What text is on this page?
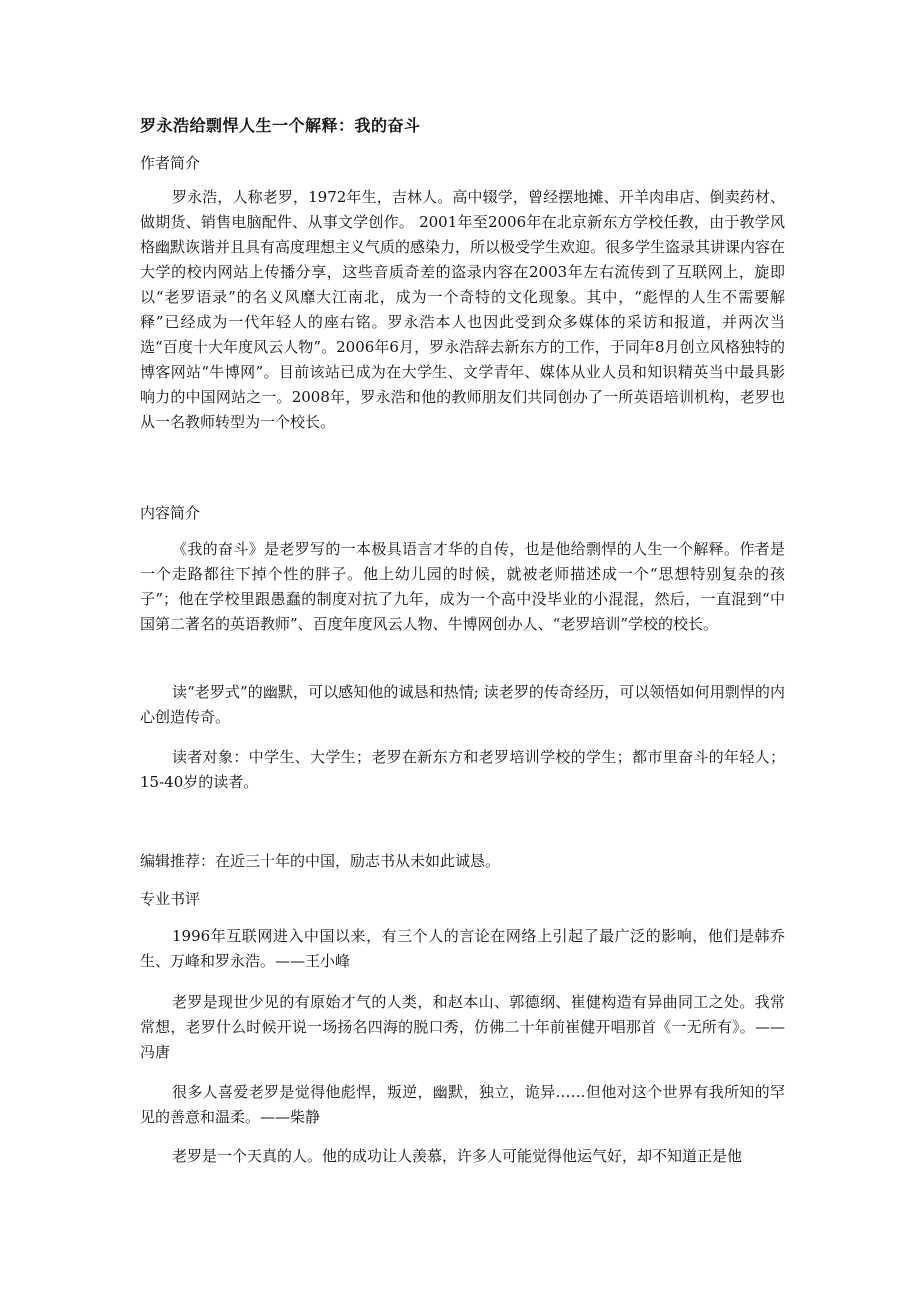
罗永浩给剽悍人生一个解释：我的奋斗
作者简介

罗永浩，人称老罗，1972年生，吉林人。高中辍学，曾经摆地摊、开羊肉串店、倒卖药材、做期货、销售电脑配件、从事文学创作。 2001年至2006年在北京新东方学校任教，由于教学风格幽默诙谐并且具有高度理想主义气质的感染力，所以极受学生欢迎。很多学生盗录其讲课内容在大学的校内网站上传播分享，这些音质奇差的盗录内容在2003年左右流传到了互联网上，旋即以“老罗语录”的名义风靡大江南北，成为一个奇特的文化现象。其中，“彪悍的人生不需要解释”已经成为一代年轻人的座右铭。罗永浩本人也因此受到众多媒体的采访和报道，并两次当选“百度十大年度风云人物”。2006年6月，罗永浩辞去新东方的工作，于同年8月创立风格独特的博客网站“牛博网”。目前该站已成为在大学生、文学青年、媒体从业人员和知识精英当中最具影响力的中国网站之一。2008年，罗永浩和他的教师朋友们共同创办了一所英语培训机构，老罗也从一名教师转型为一个校长。

内容简介

《我的奋斗》是老罗写的一本极具语言才华的自传，也是他给剽悍的人生一个解释。作者是一个走路都往下掉个性的胖子。他上幼儿园的时候，就被老师描述成一个“思想特别复杂的孩子”；他在学校里跟愚蠢的制度对抗了九年，成为一个高中没毕业的小混混，然后，一直混到“中国第二著名的英语教师”、百度年度风云人物、牛博网创办人、“老罗培训”学校的校长。

读“老罗式”的幽默，可以感知他的诚恳和热情; 读老罗的传奇经历，可以领悟如何用剽悍的内心创造传奇。

读者对象：中学生、大学生；老罗在新东方和老罗培训学校的学生；都市里奋斗的年轻人；15-40岁的读者。

编辑推荐：在近三十年的中国，励志书从未如此诚恳。
专业书评

1996年互联网进入中国以来，有三个人的言论在网络上引起了最广泛的影响，他们是韩乔生、万峰和罗永浩。——王小峰

老罗是现世少见的有原始才气的人类，和赵本山、郭德纲、崔健构造有异曲同工之处。我常常想，老罗什么时候开说一场扬名四海的脱口秀，仿佛二十年前崔健开唱那首《一无所有》。——冯唐

很多人喜爱老罗是觉得他彪悍，叛逆，幽默，独立，诡异……但他对这个世界有我所知的罕见的善意和温柔。——柴静

老罗是一个天真的人。他的成功让人羡慕，许多人可能觉得他运气好，却不知道正是他
